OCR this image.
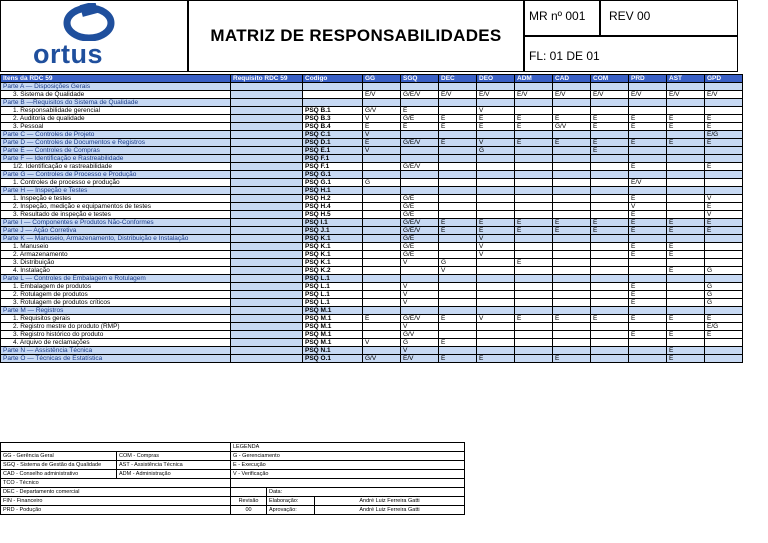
ortus
MATRIZ DE RESPONSABILIDADES
MR nº 001	REV 00
FL: 01 DE 01
Itens da RDC 59	Requisito RDC 59	Codigo	GG	SGQ	DEC	DEO	ADM	CAD	COM	PRD	AST	GPD
Parte A — Disposições Gerais												
3. Sistema de Qualidade			E/V	G/E/V	E/V	E/V	E/V	E/V	E/V	E/V	E/V	E/V
Parte B —Requisitos do Sistema de Qualidade												
1. Responsabilidade gerencial		PSQ B.1	G/V	E		V						
2. Auditoria de qualidade		PSQ B.3	V	G/E	E	E	E	E	E	E	E	E
3. Pessoal		PSQ B.4	E	E	E	E	E	G/V	E	E	E	E
Parte C — Controles de Projeto		PSQ C.1	V									E/G
Parte D — Controles de Documentos e Registros		PSQ D.1	E	G/E/V	E	V	E	E	E	E	E	E
Parte E — Controles de Compras		PSQ E.1	V			G			E			
Parte F — Identificação e Rastreabilidade		PSQ F.1										
1/2. Identificação e rastreabilidade		PSQ F.1		G/E/V						E		E
Parte G — Controles de Processo e Produção		PSQ G.1										
1. Controles de processo e produção		PSQ G.1	G							E/V		
Parte H — Inspeção e Testes		PSQ H.1										
1. Inspeção e testes		PSQ H.2		G/E						E		V
2. Inspeção, medição e equipamentos de testes		PSQ H.4		G/E						V		E
3. Resultado de inspeção e testes		PSQ H.5		G/E						E		V
Parte I — Componentes e Produtos Não-Conformes		PSQ I.1		G/E/V	E	E	E	E	E	E	E	E
Parte J — Ação Corretiva		PSQ J.1		G/E/V	E	E	E	E	E	E	E	E
Parte K — Manuseio, Armazenamento, Distribuição e Instalação		PSQ K.1		G/E		V						
1. Manuseio		PSQ K.1		G/E		V				E	E	
2. Armazenamento		PSQ K.1		G/E		V				E	E	
3. Distribuição		PSQ K.1		V	G		E					
4. Instalação		PSQ K.2			V						E	G
Parte L — Controles de Embalagem e Rotulagem		PSQ L.1										
1. Embalagem de produtos		PSQ L.1		V						E		G
2. Rotulagem de produtos		PSQ L.1		V						E		G
3. Rotulagem de produtos críticos		PSQ L.1		V						E		G
Parte M — Registros		PSQ M.1										
1. Requisitos gerais		PSQ M.1	E	G/E/V	E	V	E	E	E	E	E	E
2. Registro mestre do produto (RMP)		PSQ M.1		V								E/G
3. Registro histórico do produto		PSQ M.1		G/V						E	E	E
4. Arquivo de reclamações		PSQ M.1	V	G	E							
Parte N — Assistência Técnica		PSQ N.1		V							E	
Parte O — Técnicas de Estatística		PSQ O.1	G/V	E/V	E	E		E			E	
		LEGENDA		
GG - Gerência Geral	COM - Compras	G - Gerenciamento		
SGQ - Sistema de Gestão da Qualidade	AST - Assistência Técnica	E - Execução		
CAD - Conselho administrativo	ADM - Administração	V - Verificação		
TCO - Técnico				
DEC - Departamento comercial			Data:	
FIN - Financeiro		Revisão	Elaboração:	André Luiz Ferreira Gatti
PRD - Podução		00	Aprovação:	André Luiz Ferreira Gatti
